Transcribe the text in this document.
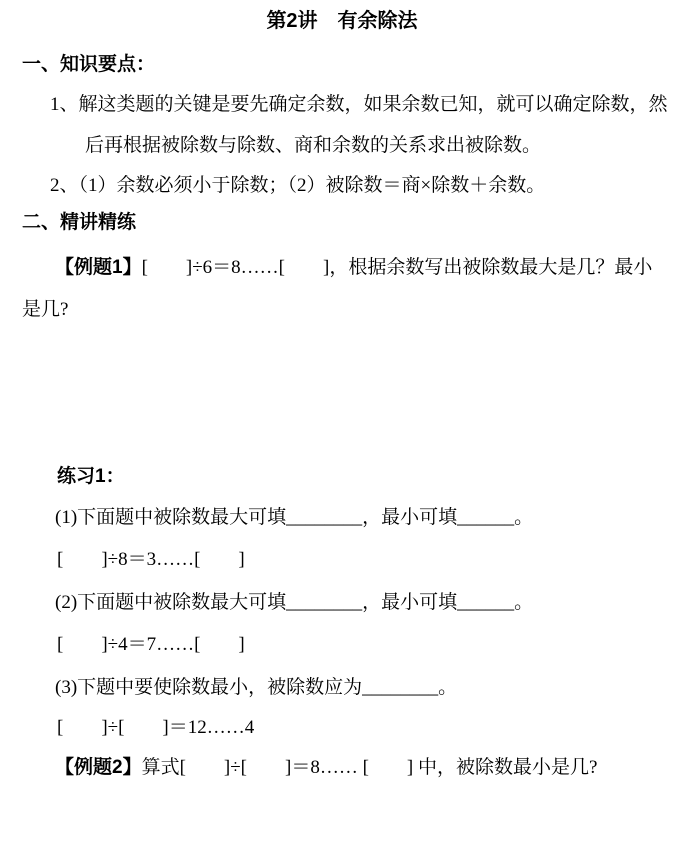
第2讲　有余除法
一、知识要点：
1、解这类题的关键是要先确定余数，如果余数已知，就可以确定除数，然
后再根据被除数与除数、商和余数的关系求出被除数。
2、（1）余数必须小于除数；（2）被除数＝商×除数＋余数。
二、精讲精练
【例题1】[　　]÷6＝8……[　　]，根据余数写出被除数最大是几？最小
是几?
练习1：
(1)下面题中被除数最大可填________，最小可填______。
[　　]÷8＝3……[　　]
(2)下面题中被除数最大可填________，最小可填______。
[　　]÷4＝7……[　　]
(3)下题中要使除数最小，被除数应为________。
[　　]÷[　　]＝12……4
【例题2】算式[　　]÷[　　]＝8…… [　　] 中，被除数最小是几?
